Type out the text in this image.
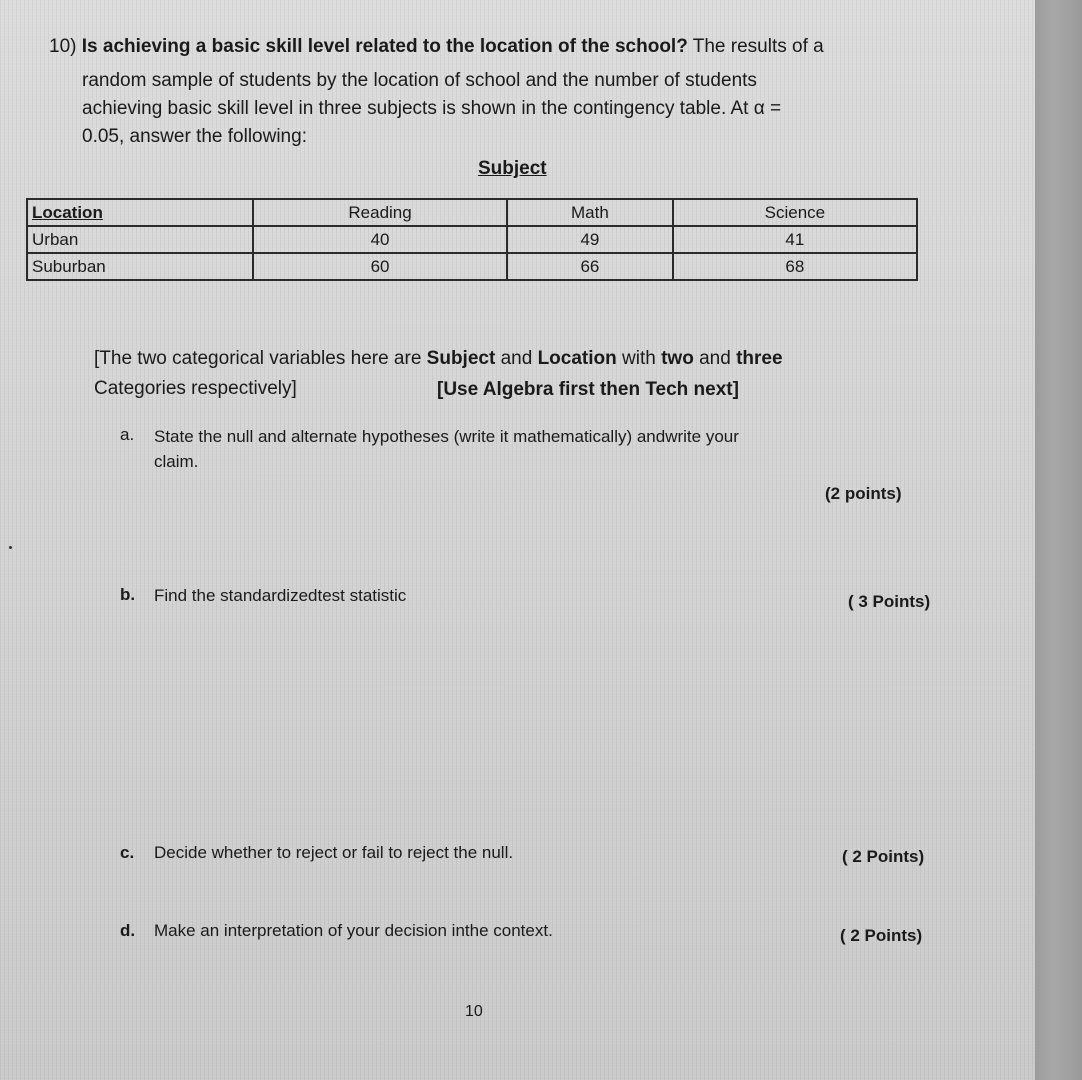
10) Is achieving a basic skill level related to the location of the school? The results of a
random sample of students by the location of school and the number of students
achieving basic skill level in three subjects is shown in the contingency table. At α =
0.05, answer the following:
Subject
Location	Reading	Math	Science
Urban	40	49	41
Suburban	60	66	68
[The two categorical variables here are Subject and Location with two and three
Categories respectively]	[Use Algebra first then Tech next]
a. State the null and alternate hypotheses (write it mathematically) andwrite your
claim.
(2 points)
b. Find the standardizedtest statistic	( 3 Points)
c. Decide whether to reject or fail to reject the null.	( 2 Points)
d. Make an interpretation of your decision inthe context.	( 2 Points)
10
